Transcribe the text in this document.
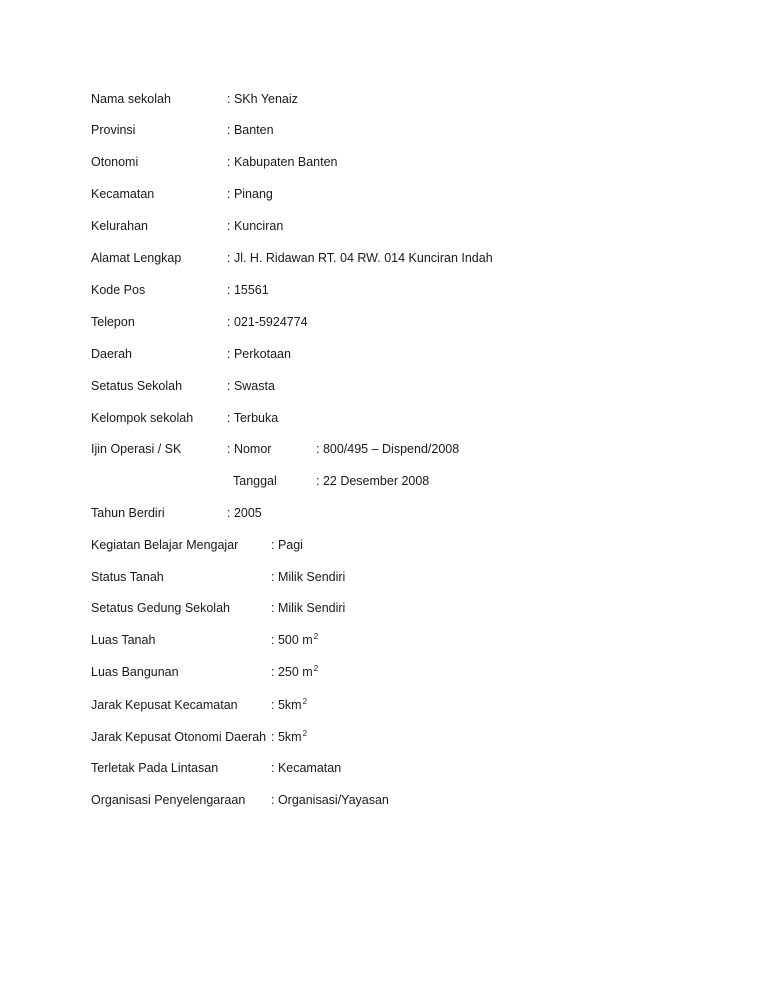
Nama sekolah	: SKh Yenaiz
Provinsi	: Banten
Otonomi	: Kabupaten Banten
Kecamatan	: Pinang
Kelurahan	: Kunciran
Alamat Lengkap	: Jl. H. Ridawan RT. 04 RW. 014 Kunciran Indah
Kode Pos	: 15561
Telepon	: 021-5924774
Daerah	: Perkotaan
Setatus Sekolah	: Swasta
Kelompok sekolah	: Terbuka
Ijin Operasi / SK	: Nomor	: 800/495 – Dispend/2008
Tanggal	: 22 Desember 2008
Tahun Berdiri	: 2005
Kegiatan Belajar Mengajar	: Pagi
Status Tanah	: Milik Sendiri
Setatus Gedung Sekolah	: Milik Sendiri
Luas Tanah	: 500 $m^2$
Luas Bangunan	: 250 $m^2$
Jarak Kepusat Kecamatan	: $5km^2$
Jarak Kepusat Otonomi Daerah : $5km^2$
Terletak Pada Lintasan	: Kecamatan
Organisasi Penyelengaraan : Organisasi/Yayasan
